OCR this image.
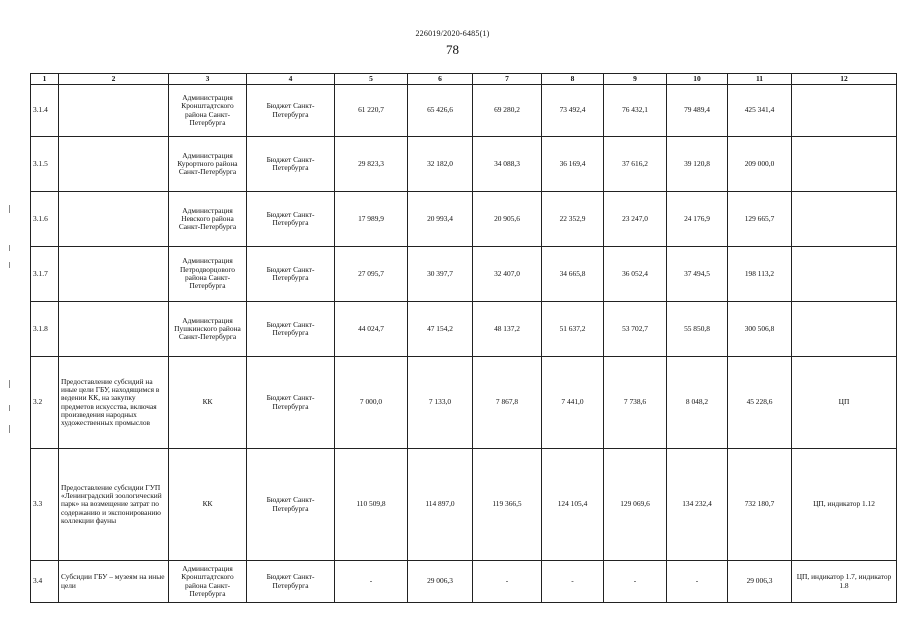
226019/2020-6485(1)
78
1	2	3	4	5	6	7	8	9	10	11	12
3.1.4		Администрация Кронштадтского района Санкт-Петербурга	Бюджет Санкт-Петербурга	61 220,7	65 426,6	69 280,2	73 492,4	76 432,1	79 489,4	425 341,4	
3.1.5		Администрация Курортного района Санкт-Петербурга	Бюджет Санкт-Петербурга	29 823,3	32 182,0	34 088,3	36 169,4	37 616,2	39 120,8	209 000,0	
3.1.6		Администрация Невского района Санкт-Петербурга	Бюджет Санкт-Петербурга	17 989,9	20 993,4	20 905,6	22 352,9	23 247,0	24 176,9	129 665,7	
3.1.7		Администрация Петродворцового района Санкт-Петербурга	Бюджет Санкт-Петербурга	27 095,7	30 397,7	32 407,0	34 665,8	36 052,4	37 494,5	198 113,2	
3.1.8		Администрация Пушкинского района Санкт-Петербурга	Бюджет Санкт-Петербурга	44 024,7	47 154,2	48 137,2	51 637,2	53 702,7	55 850,8	300 506,8	
3.2	Предоставление субсидий на иные цели ГБУ, находящимся в ведении КК, на закупку предметов искусства, включая произведения народных художественных промыслов	КК	Бюджет Санкт-Петербурга	7 000,0	7 133,0	7 867,8	7 441,0	7 738,6	8 048,2	45 228,6	ЦП
3.3	Предоставление субсидии ГУП «Ленинградский зоологический парк» на возмещение затрат по содержанию и экспонированию коллекции фауны	КК	Бюджет Санкт-Петербурга	110 509,8	114 897,0	119 366,5	124 105,4	129 069,6	134 232,4	732 180,7	ЦП, индикатор 1.12
3.4	Субсидии ГБУ – музеям на иные цели	Администрация Кронштадтского района Санкт-Петербурга	Бюджет Санкт-Петербурга	-	29 006,3	-	-	-	-	29 006,3	ЦП, индикатор 1.7, индикатор 1.8
